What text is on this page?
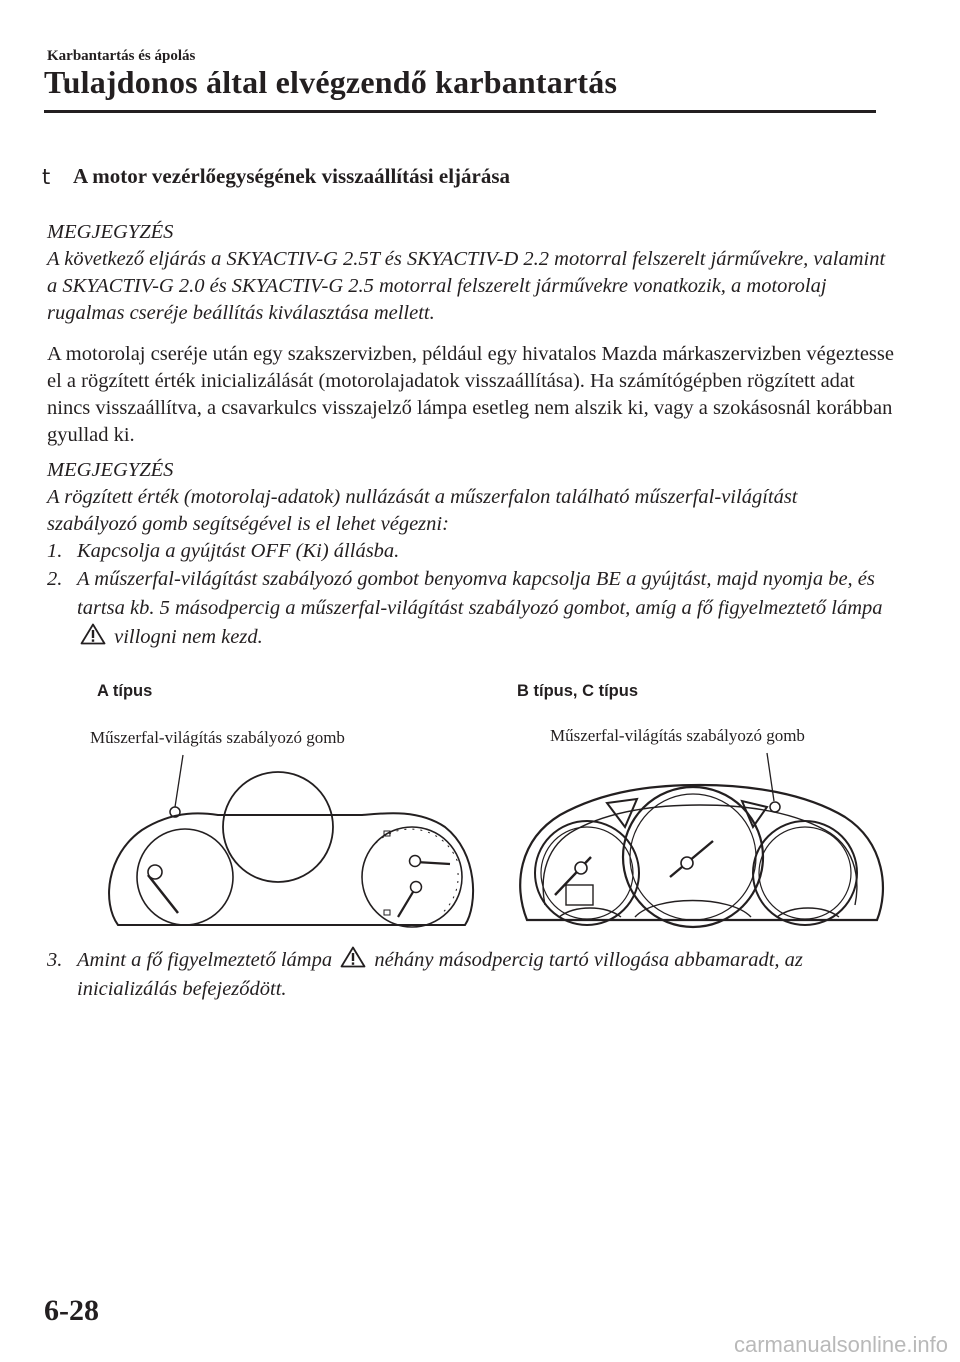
Karbantartás és ápolás
Tulajdonos által elvégzendő karbantartás
t A motor vezérlőegységének visszaállítási eljárása
MEGJEGYZÉS
A következő eljárás a SKYACTIV-G 2.5T és SKYACTIV-D 2.2 motorral felszerelt járművekre, valamint a SKYACTIV-G 2.0 és SKYACTIV-G 2.5 motorral felszerelt járművekre vonatkozik, a motorolaj rugalmas cseréje beállítás kiválasztása mellett.
A motorolaj cseréje után egy szakszervizben, például egy hivatalos Mazda márkaszervizben végeztesse el a rögzített érték inicializálását (motorolajadatok visszaállítása). Ha számítógépben rögzített adat nincs visszaállítva, a csavarkulcs visszajelző lámpa esetleg nem alszik ki, vagy a szokásosnál korábban gyullad ki.
MEGJEGYZÉS
A rögzített érték (motorolaj-adatok) nullázását a műszerfalon található műszerfal-világítást szabályozó gomb segítségével is el lehet végezni:
1. Kapcsolja a gyújtást OFF (Ki) állásba.
2. A műszerfal-világítást szabályozó gombot benyomva kapcsolja BE a gyújtást, majd nyomja be, és tartsa kb. 5 másodpercig a műszerfal-világítást szabályozó gombot, amíg a fő figyelmeztető lámpa  villogni nem kezd.
A típus	B típus, C típus
Műszerfal-világítás szabályozó gomb	Műszerfal-világítás szabályozó gomb
3. Amint a fő figyelmeztető lámpa néhány másodpercig tartó villogása abbamaradt, az inicializálás befejeződött.
6-28
carmanualsonline.info
